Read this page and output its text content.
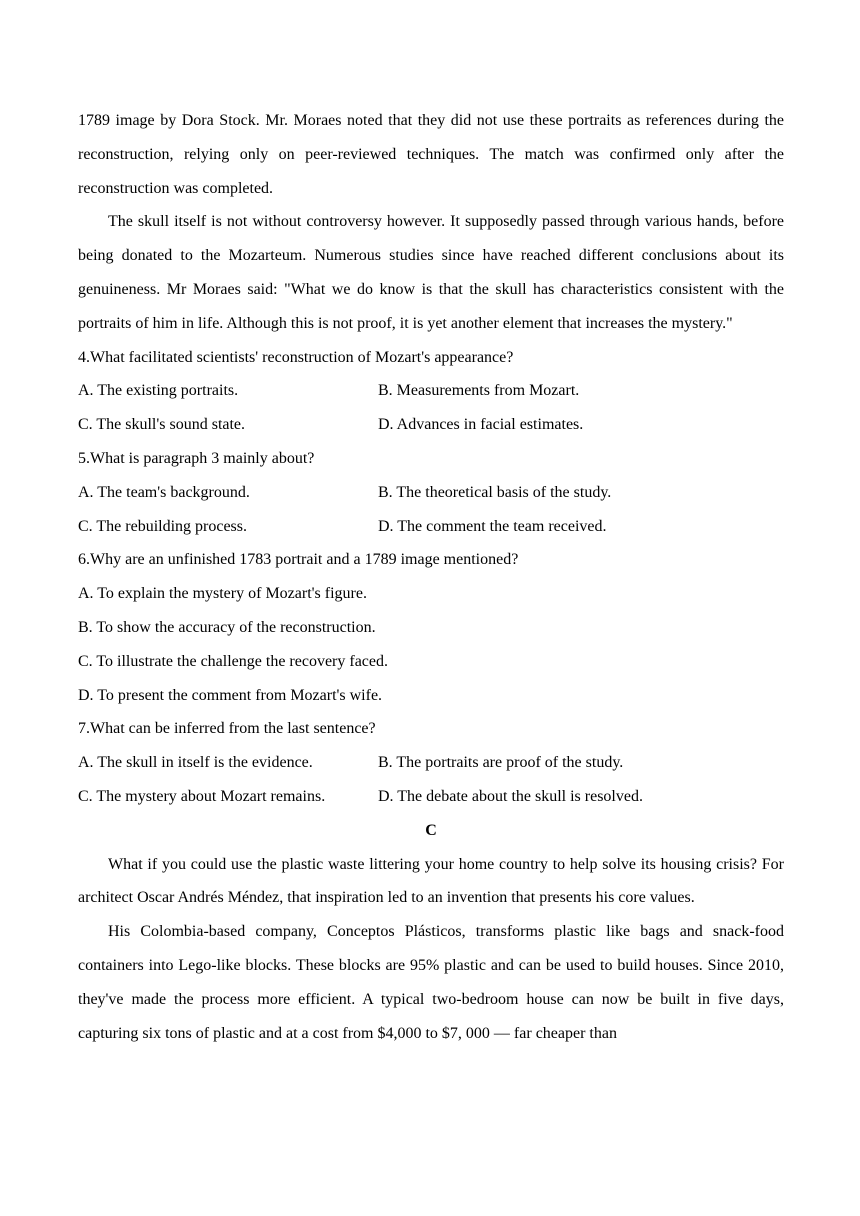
1789 image by Dora Stock. Mr. Moraes noted that they did not use these portraits as references during the reconstruction, relying only on peer-reviewed techniques. The match was confirmed only after the reconstruction was completed.

The skull itself is not without controversy however. It supposedly passed through various hands, before being donated to the Mozarteum. Numerous studies since have reached different conclusions about its genuineness. Mr Moraes said: "What we do know is that the skull has characteristics consistent with the portraits of him in life. Although this is not proof, it is yet another element that increases the mystery."

4.What facilitated scientists' reconstruction of Mozart's appearance?

A. The existing portraits.	B. Measurements from Mozart.
C. The skull's sound state.	D. Advances in facial estimates.

5.What is paragraph 3 mainly about?

A. The team's background.	B. The theoretical basis of the study.
C. The rebuilding process.	D. The comment the team received.

6.Why are an unfinished 1783 portrait and a 1789 image mentioned?

A. To explain the mystery of Mozart's figure.
B. To show the accuracy of the reconstruction.
C. To illustrate the challenge the recovery faced.
D. To present the comment from Mozart's wife.

7.What can be inferred from the last sentence?

A. The skull in itself is the evidence.	B. The portraits are proof of the study.
C. The mystery about Mozart remains.	D. The debate about the skull is resolved.

C

What if you could use the plastic waste littering your home country to help solve its housing crisis? For architect Oscar Andrés Méndez, that inspiration led to an invention that presents his core values.

His Colombia-based company, Conceptos Plásticos, transforms plastic like bags and snack-food containers into Lego-like blocks. These blocks are 95% plastic and can be used to build houses. Since 2010, they've made the process more efficient. A typical two-bedroom house can now be built in five days, capturing six tons of plastic and at a cost from $4,000 to $7, 000 — far cheaper than
